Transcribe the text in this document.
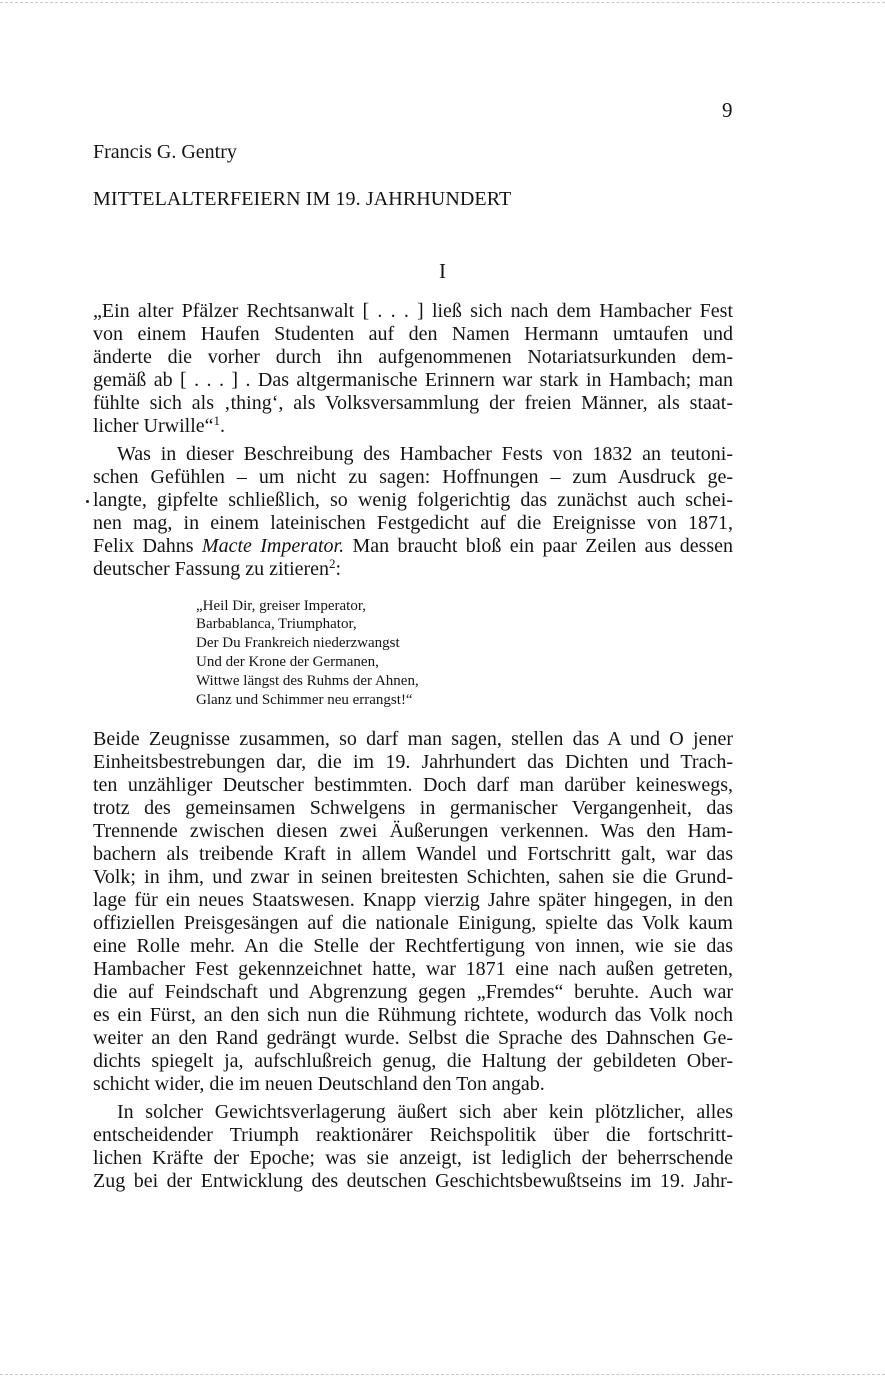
9
Francis G. Gentry
MITTELALTERFEIERN IM 19. JAHRHUNDERT
I
„Ein alter Pfälzer Rechtsanwalt [ . . . ] ließ sich nach dem Hambacher Fest
von einem Haufen Studenten auf den Namen Hermann umtaufen und
änderte die vorher durch ihn aufgenommenen Notariatsurkunden dem-
gemäß ab [ . . . ] . Das altgermanische Erinnern war stark in Hambach; man
fühlte sich als ‚thing‘, als Volksversammlung der freien Männer, als staat-
licher Urwille“$^1$.
Was in dieser Beschreibung des Hambacher Fests von 1832 an teutoni-
schen Gefühlen – um nicht zu sagen: Hoffnungen – zum Ausdruck ge-
langte, gipfelte schließlich, so wenig folgerichtig das zunächst auch schei-
nen mag, in einem lateinischen Festgedicht auf die Ereignisse von 1871,
Felix Dahns Macte Imperator. Man braucht bloß ein paar Zeilen aus dessen
deutscher Fassung zu zitieren$^2$:
„Heil Dir, greiser Imperator,
Barbablanca, Triumphator,
Der Du Frankreich niederzwangst
Und der Krone der Germanen,
Wittwe längst des Ruhms der Ahnen,
Glanz und Schimmer neu errangst!“
Beide Zeugnisse zusammen, so darf man sagen, stellen das A und O jener
Einheitsbestrebungen dar, die im 19. Jahrhundert das Dichten und Trach-
ten unzähliger Deutscher bestimmten. Doch darf man darüber keineswegs,
trotz des gemeinsamen Schwelgens in germanischer Vergangenheit, das
Trennende zwischen diesen zwei Äußerungen verkennen. Was den Ham-
bachern als treibende Kraft in allem Wandel und Fortschritt galt, war das
Volk; in ihm, und zwar in seinen breitesten Schichten, sahen sie die Grund-
lage für ein neues Staatswesen. Knapp vierzig Jahre später hingegen, in den
offiziellen Preisgesängen auf die nationale Einigung, spielte das Volk kaum
eine Rolle mehr. An die Stelle der Rechtfertigung von innen, wie sie das
Hambacher Fest gekennzeichnet hatte, war 1871 eine nach außen getreten,
die auf Feindschaft und Abgrenzung gegen „Fremdes“ beruhte. Auch war
es ein Fürst, an den sich nun die Rühmung richtete, wodurch das Volk noch
weiter an den Rand gedrängt wurde. Selbst die Sprache des Dahnschen Ge-
dichts spiegelt ja, aufschlußreich genug, die Haltung der gebildeten Ober-
schicht wider, die im neuen Deutschland den Ton angab.
In solcher Gewichtsverlagerung äußert sich aber kein plötzlicher, alles
entscheidender Triumph reaktionärer Reichspolitik über die fortschritt-
lichen Kräfte der Epoche; was sie anzeigt, ist lediglich der beherrschende
Zug bei der Entwicklung des deutschen Geschichtsbewußtseins im 19. Jahr-
